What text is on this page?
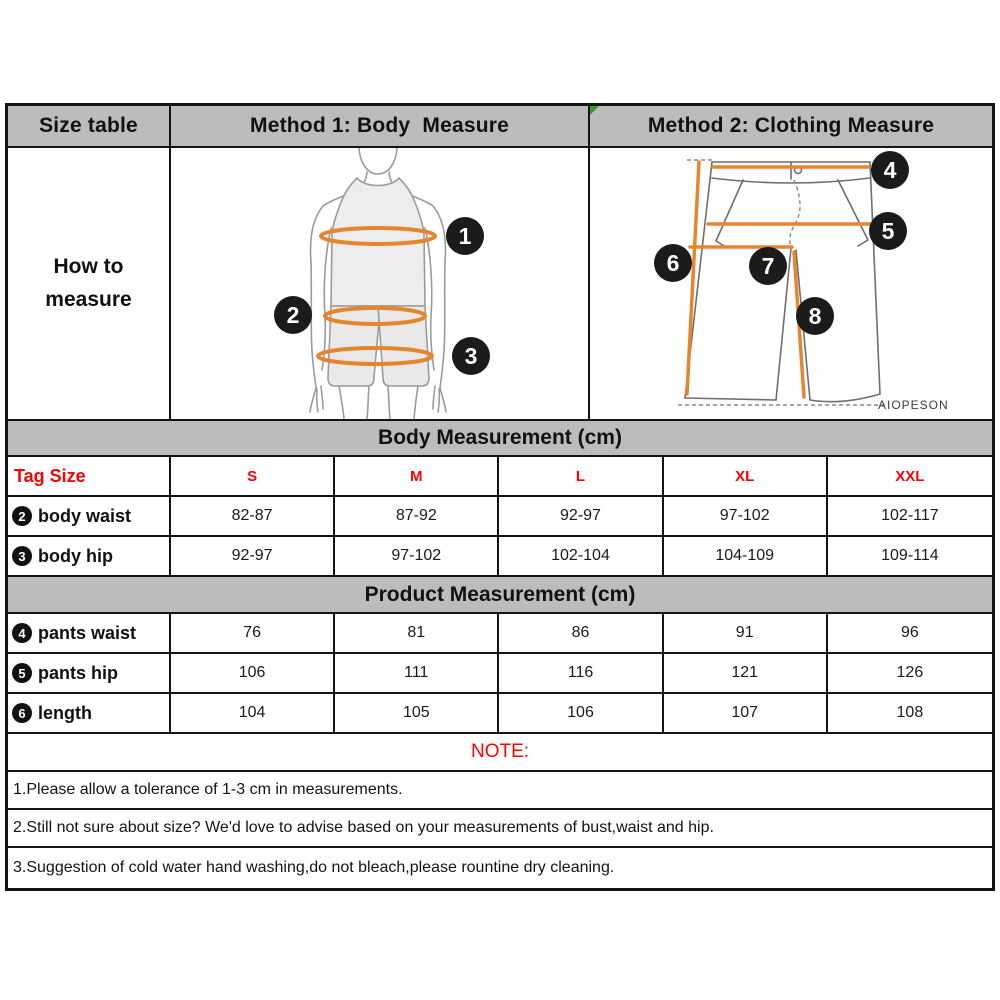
Size table	Method 1: Body  Measure	Method 2: Clothing Measure
How to
measure
1
2
3
4
5
6	7
8
AIOPESON
Body Measurement (cm)
Tag Size	S	M	L	XL	XXL
2 body waist	82-87	87-92	92-97	97-102	102-117
3 body hip	92-97	97-102	102-104	104-109	109-114
Product Measurement (cm)
4 pants waist	76	81	86	91	96
5 pants hip	106	111	116	121	126
6 length	104	105	106	107	108
NOTE:
1.Please allow a tolerance of 1-3 cm in measurements.
2.Still not sure about size? We'd love to advise based on your measurements of bust,waist and hip.
3.Suggestion of cold water hand washing,do not bleach,please rountine dry cleaning.
